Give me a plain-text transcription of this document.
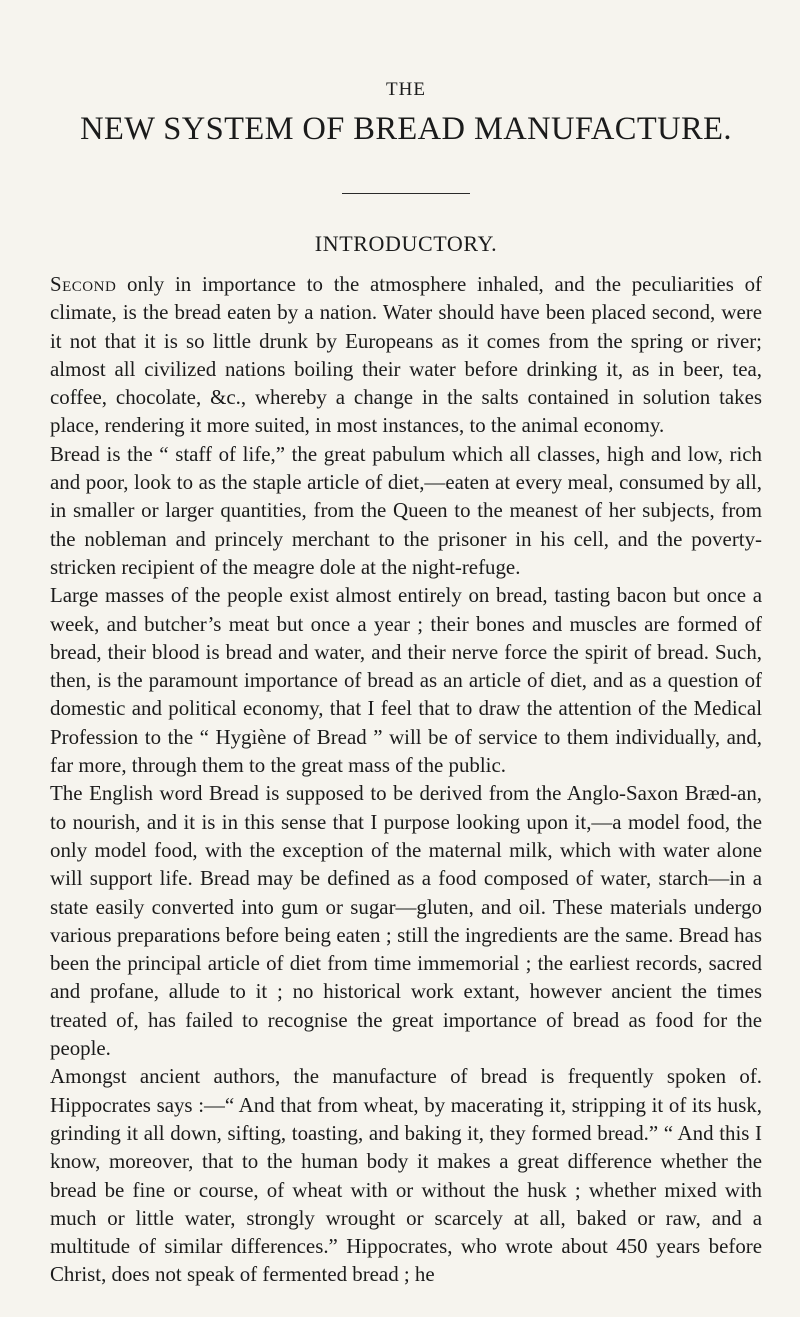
THE
NEW SYSTEM OF BREAD MANUFACTURE.
INTRODUCTORY.

Second only in importance to the atmosphere inhaled, and the peculiarities of climate, is the bread eaten by a nation. Water should have been placed second, were it not that it is so little drunk by Europeans as it comes from the spring or river; almost all civilized nations boiling their water before drinking it, as in beer, tea, coffee, chocolate, &c., whereby a change in the salts contained in solution takes place, rendering it more suited, in most instances, to the animal economy.

Bread is the “ staff of life,” the great pabulum which all classes, high and low, rich and poor, look to as the staple article of diet,—eaten at every meal, consumed by all, in smaller or larger quantities, from the Queen to the meanest of her subjects, from the nobleman and princely merchant to the prisoner in his cell, and the poverty-stricken recipient of the meagre dole at the night-refuge.

Large masses of the people exist almost entirely on bread, tasting bacon but once a week, and butcher’s meat but once a year ; their bones and muscles are formed of bread, their blood is bread and water, and their nerve force the spirit of bread. Such, then, is the paramount importance of bread as an article of diet, and as a question of domestic and political economy, that I feel that to draw the attention of the Medical Profession to the “ Hygiène of Bread ” will be of service to them individually, and, far more, through them to the great mass of the public.

The English word Bread is supposed to be derived from the Anglo-Saxon Bræd-an, to nourish, and it is in this sense that I purpose looking upon it,—a model food, the only model food, with the exception of the maternal milk, which with water alone will support life. Bread may be defined as a food composed of water, starch—in a state easily converted into gum or sugar—gluten, and oil. These materials undergo various preparations before being eaten ; still the ingredients are the same. Bread has been the principal article of diet from time immemorial ; the earliest records, sacred and profane, allude to it ; no historical work extant, however ancient the times treated of, has failed to recognise the great importance of bread as food for the people.

Amongst ancient authors, the manufacture of bread is frequently spoken of. Hippocrates says :—“ And that from wheat, by macerating it, stripping it of its husk, grinding it all down, sifting, toasting, and baking it, they formed bread.” “ And this I know, moreover, that to the human body it makes a great difference whether the bread be fine or course, of wheat with or without the husk ; whether mixed with much or little water, strongly wrought or scarcely at all, baked or raw, and a multitude of similar differences.” Hippocrates, who wrote about 450 years before Christ, does not speak of fermented bread ; he
